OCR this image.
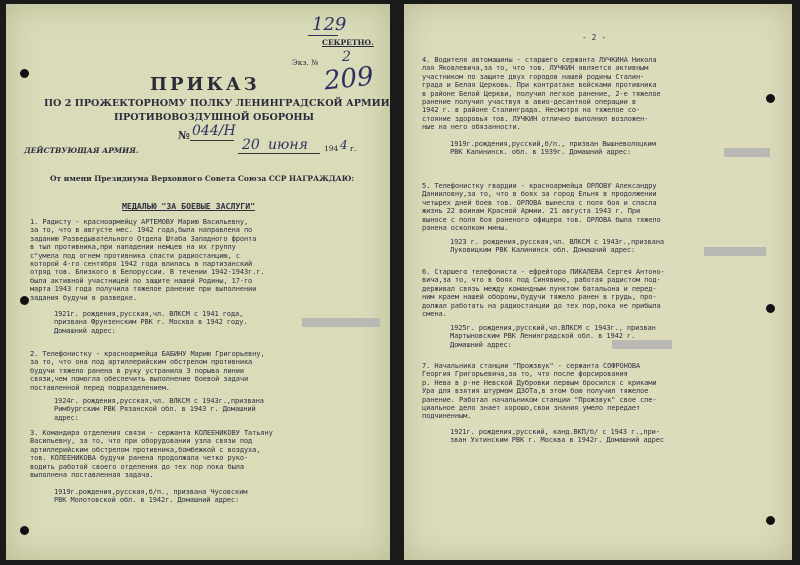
129
СЕКРЕТНО.
Экз. № 2
209
ПРИКАЗ
ПО 2 ПРОЖЕКТОРНОМУ ПОЛКУ ЛЕНИНГРАДСКОЙ АРМИИ
ПРОТИВОВОЗДУШНОЙ ОБОРОНЫ
№ 044/Н
ДЕЙСТВУЮЩАЯ АРМИЯ.	20 июня 194 4 г.
От имени Президиума Верховного Совета Союза ССР НАГРАЖДАЮ:
МЕДАЛЬЮ "ЗА БОЕВЫЕ ЗАСЛУГИ"
1. Радисту - красноармейцу АРТЕМОВУ Марию Васильевну,
за то, что в августе мес. 1942 года,была направлена по
заданию Разведывательного Отдела Штаба Западного фронта
в тыл противника,при нападении немцев на их группу
с"умела под огнем противника спасти радиостанцию, с
которой 4-го сентября 1942 года влилась в партизанский
отряд тов. Близкого в Белоруссии. В течении 1942-1943г.г.
была активной участницей по защите нашей Родины, 17-го
марта 1943 года получила тяжелое ранение при выполнении
задания будучи в разведке.
1921г. рождения,русская,чл. ВЛКСМ с 1941 года,
призвана Фрунзенским РВК г. Москва в 1942 году.
Домашний адрес:
2. Телефонистку - красноармейца БАБИНУ Марию Григорьевну,
за то, что она под артиллерийским обстрелом противника
будучи тяжело ранена в руку устранила 3 порыва линии
связи,чем помогла обеспечить выполнение боевой задачи
поставленной перед подразделением.
1924г. рождения,русская,чл. ВЛКСМ с 1943г.,призвана
Римбургским РВК Рязанской обл. в 1943 г. Домашний
адрес:
3. Командира отделения связи - сержанта КОЛЕЕНИКОВУ Татьяну
Васильевну, за то, что при оборудовании узла связи под
артиллерийским обстрелом противника,бомбежкой с воздуха,
тов. КОЛЕЕНИКОВА будучи ранена продолжала четко руко-
водить работой своего отделения до тех пор пока была
выполнена поставленная задача.
1919г.рождения,русская,б/п., призвана Чусовским
РВК Молотовской обл. в 1942г. Домашний адрес:
- 2 -
4. Водителя автомашины - старшего сержанта ЛУЧКИНА Никола
лая Яковлевича,за то, что тов. ЛУЧКИН является активным
участником по защите двух городов нашей родины Сталин-
града и Белая Церковь. При контратаке войсками противника
в районе Белой Церкви, получил легкое ранение, 2-е тяжелое
ранение получил участвуя в авио-десантной операции в
1942 г. в районе Сталинграда. Несмотря на тяжелое со-
стояние здоровья тов. ЛУЧКИН отлично выполнил возложен-
ные на него обязанности.
1919г.рождения,русский,б/п., призван Вышневолоцким
РВК Калининск. обл. в 1939г. Домашний адрес:
5. Телефонистку гвардии - красноармейца ОРЛОВУ Александру
Данииловну,за то, что в боях за город Ельня в продолжении
четырех дней боев тов. ОРЛОВА вынесла с поля боя и спасла
жизнь 22 воинам Красной Армии. 21 августа 1943 г. При
выносе с поля боя раненого офицера тов. ОРЛОВА была тяжело
ранена осколком мины.
1923 г. рождения,русская,чл. ВЛКСМ с 1943г.,призвана
Луковицким РВК Калининск обл. Домашний адрес:
6. Старшего телефониста - ефрейтора ПИКАЛЕВА Сергея Антоно-
вича,за то, что в боях под Синявино, работая радистом под-
держивал связь между командным пунктом батальона и перед-
ним краем нашей обороны,будучи тяжело ранен в грудь, про-
должал работать на радиостанции до тех пор,пока не прибыла
смена.
1925г. рождения,русский,чл.ВЛКСМ с 1943г., призван
Мартыновским РВК Ленинградской обл. в 1942 г.
Домашний адрес:
7. Начальника станции "Прожзвук" - сержанта СОФРОНОВА
Георгия Григорьевича,за то, что после форсирования
р. Нева в р-не Невской Дубровки первым бросился с криками
Ура для взятия штурмом ДЗОТа,в этом бою получил тяжелое
ранение. Работал начальником станции "Прожзвук" свое спе-
циальное дело знает хорошо,свои знания умело передает
подчиненным.
1921г. рождения,русский, канд.ВКП/б/ с 1943 г.,при-
зван Ухтинским РВК г. Москва в 1942г. Домашний адрес
